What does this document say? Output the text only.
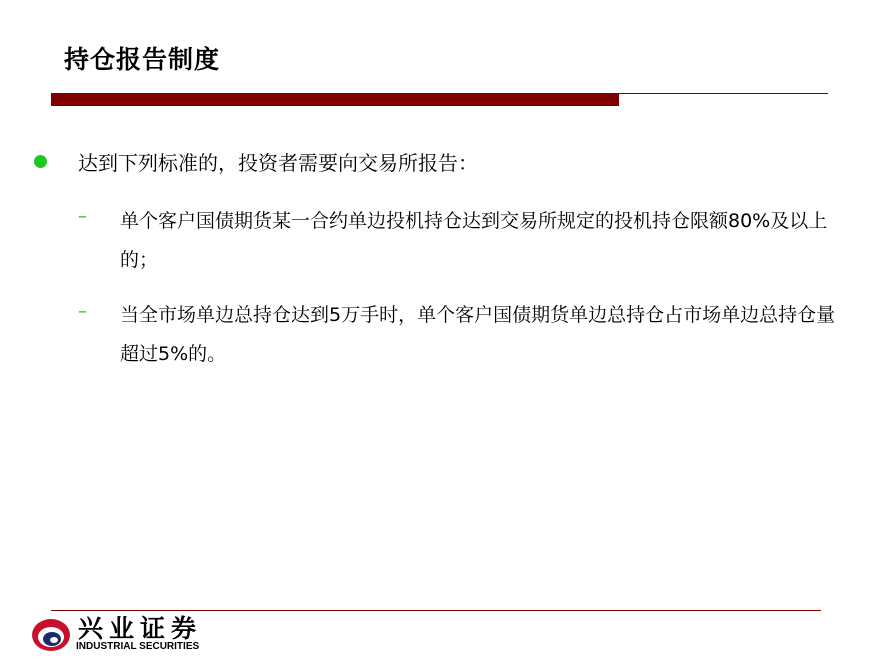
持仓报告制度
达到下列标准的，投资者需要向交易所报告：
– 单个客户国债期货某一合约单边投机持仓达到交易所规定的投机持仓限额80%及以上的；
– 当全市场单边总持仓达到5万手时，单个客户国债期货单边总持仓占市场单边总持仓量超过5%的。
兴业证券
INDUSTRIAL SECURITIES
